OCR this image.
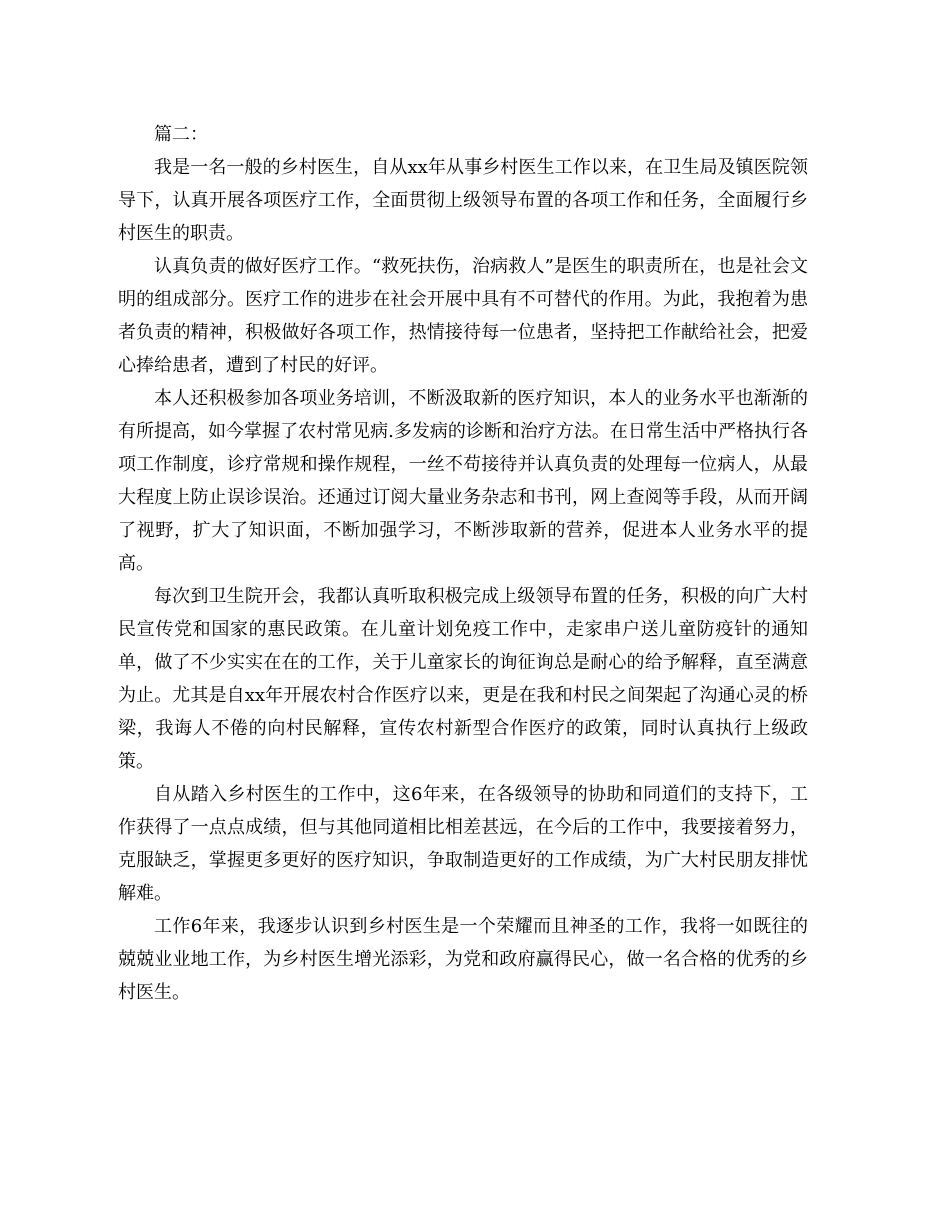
篇二：

我是一名一般的乡村医生，自从xx年从事乡村医生工作以来，在卫生局及镇医院领导下，认真开展各项医疗工作，全面贯彻上级领导布置的各项工作和任务，全面履行乡村医生的职责。

认真负责的做好医疗工作。“救死扶伤，治病救人”是医生的职责所在，也是社会文明的组成部分。医疗工作的进步在社会开展中具有不可替代的作用。为此，我抱着为患者负责的精神，积极做好各项工作，热情接待每一位患者，坚持把工作献给社会，把爱心捧给患者，遭到了村民的好评。

本人还积极参加各项业务培训，不断汲取新的医疗知识，本人的业务水平也渐渐的有所提高，如今掌握了农村常见病.多发病的诊断和治疗方法。在日常生活中严格执行各项工作制度，诊疗常规和操作规程，一丝不苟接待并认真负责的处理每一位病人，从最大程度上防止误诊误治。还通过订阅大量业务杂志和书刊，网上查阅等手段，从而开阔了视野，扩大了知识面，不断加强学习，不断涉取新的营养，促进本人业务水平的提高。

每次到卫生院开会，我都认真听取积极完成上级领导布置的任务，积极的向广大村民宣传党和国家的惠民政策。在儿童计划免疫工作中，走家串户送儿童防疫针的通知单，做了不少实实在在的工作，关于儿童家长的询征询总是耐心的给予解释，直至满意为止。尤其是自xx年开展农村合作医疗以来，更是在我和村民之间架起了沟通心灵的桥梁，我诲人不倦的向村民解释，宣传农村新型合作医疗的政策，同时认真执行上级政策。

自从踏入乡村医生的工作中，这6年来，在各级领导的协助和同道们的支持下，工作获得了一点点成绩，但与其他同道相比相差甚远，在今后的工作中，我要接着努力，克服缺乏，掌握更多更好的医疗知识，争取制造更好的工作成绩，为广大村民朋友排忧解难。

工作6年来，我逐步认识到乡村医生是一个荣耀而且神圣的工作，我将一如既往的兢兢业业地工作，为乡村医生增光添彩，为党和政府赢得民心，做一名合格的优秀的乡村医生。
